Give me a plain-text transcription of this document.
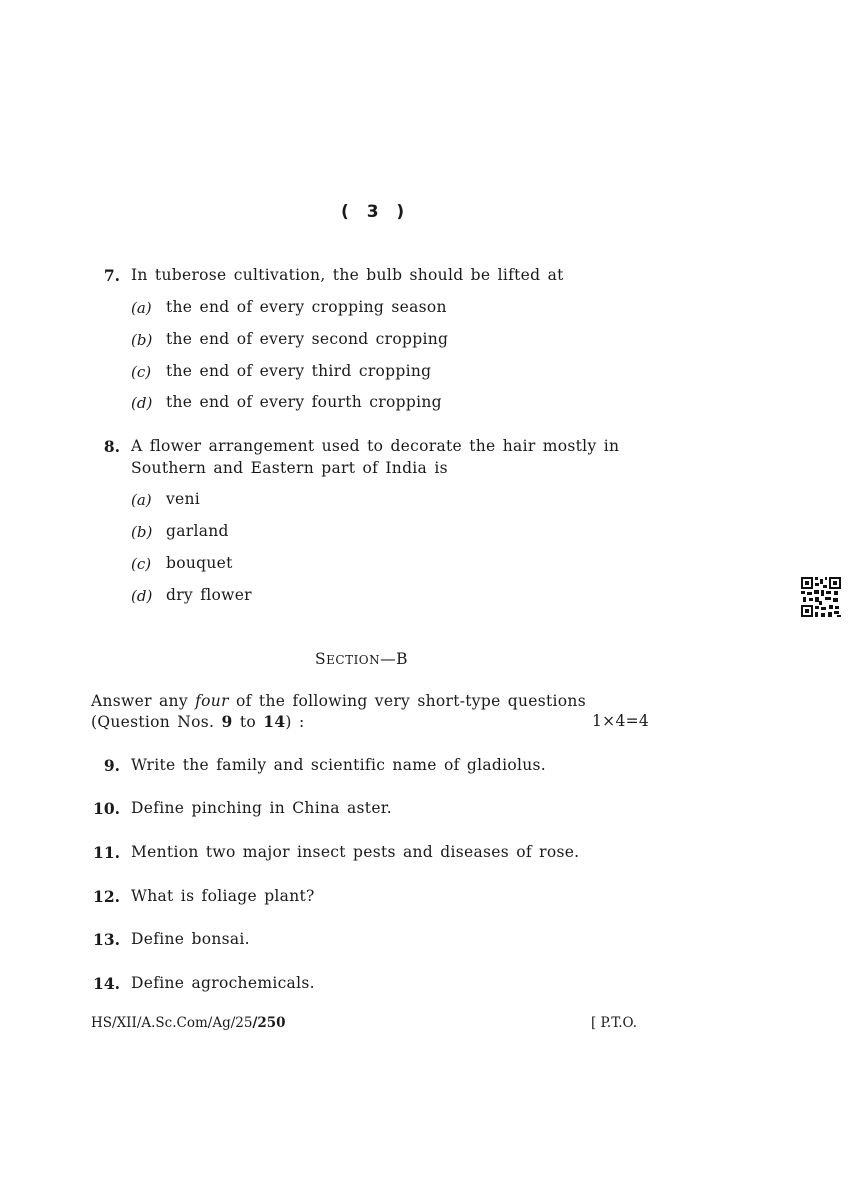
( 3 )
7. In tuberose cultivation, the bulb should be lifted at
(a) the end of every cropping season
(b) the end of every second cropping
(c) the end of every third cropping
(d) the end of every fourth cropping
8. A flower arrangement used to decorate the hair mostly in
Southern and Eastern part of India is
(a) veni
(b) garland
(c) bouquet
(d) dry flower
SECTION—B
Answer any four of the following very short-type questions
(Question Nos. 9 to 14) :	1×4=4
9. Write the family and scientific name of gladiolus.
10. Define pinching in China aster.
11. Mention two major insect pests and diseases of rose.
12. What is foliage plant?
13. Define bonsai.
14. Define agrochemicals.
HS/XII/A.Sc.Com/Ag/25/250	[ P.T.O.
